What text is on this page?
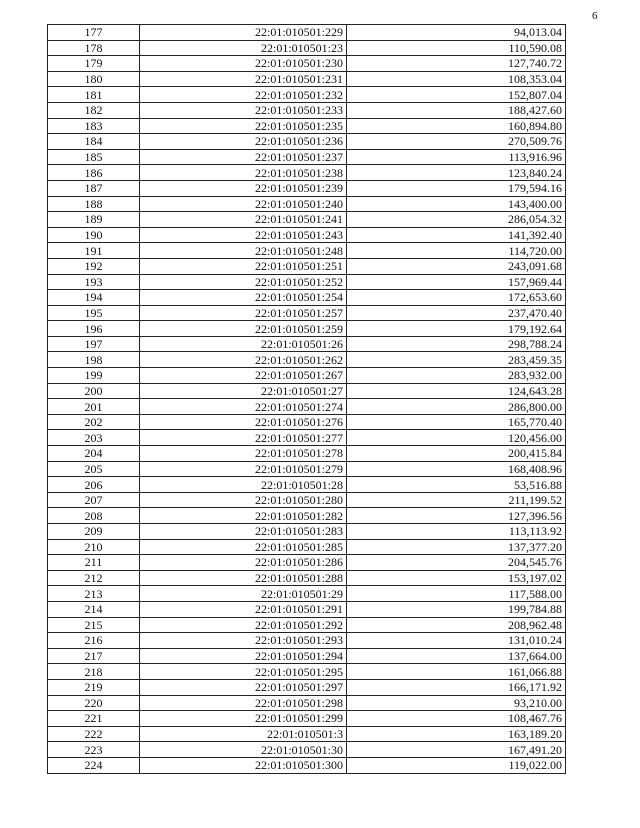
6
177	22:01:010501:229	94,013.04
178	22:01:010501:23	110,590.08
179	22:01:010501:230	127,740.72
180	22:01:010501:231	108,353.04
181	22:01:010501:232	152,807.04
182	22:01:010501:233	188,427.60
183	22:01:010501:235	160,894.80
184	22:01:010501:236	270,509.76
185	22:01:010501:237	113,916.96
186	22:01:010501:238	123,840.24
187	22:01:010501:239	179,594.16
188	22:01:010501:240	143,400.00
189	22:01:010501:241	286,054.32
190	22:01:010501:243	141,392.40
191	22:01:010501:248	114,720.00
192	22:01:010501:251	243,091.68
193	22:01:010501:252	157,969.44
194	22:01:010501:254	172,653.60
195	22:01:010501:257	237,470.40
196	22:01:010501:259	179,192.64
197	22:01:010501:26	298,788.24
198	22:01:010501:262	283,459.35
199	22:01:010501:267	283,932.00
200	22:01:010501:27	124,643.28
201	22:01:010501:274	286,800.00
202	22:01:010501:276	165,770.40
203	22:01:010501:277	120,456.00
204	22:01:010501:278	200,415.84
205	22:01:010501:279	168,408.96
206	22:01:010501:28	53,516.88
207	22:01:010501:280	211,199.52
208	22:01:010501:282	127,396.56
209	22:01:010501:283	113,113.92
210	22:01:010501:285	137,377.20
211	22:01:010501:286	204,545.76
212	22:01:010501:288	153,197.02
213	22:01:010501:29	117,588.00
214	22:01:010501:291	199,784.88
215	22:01:010501:292	208,962.48
216	22:01:010501:293	131,010.24
217	22:01:010501:294	137,664.00
218	22:01:010501:295	161,066.88
219	22:01:010501:297	166,171.92
220	22:01:010501:298	93,210.00
221	22:01:010501:299	108,467.76
222	22:01:010501:3	163,189.20
223	22:01:010501:30	167,491.20
224	22:01:010501:300	119,022.00
